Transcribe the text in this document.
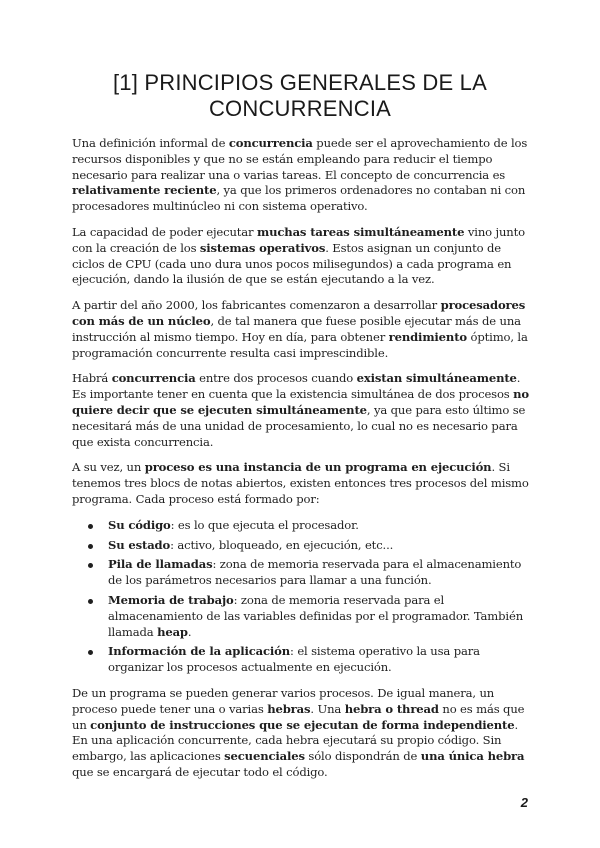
[1] PRINCIPIOS GENERALES DE LA
CONCURRENCIA

Una definición informal de concurrencia puede ser el aprovechamiento de los recursos disponibles y que no se están empleando para reducir el tiempo necesario para realizar una o varias tareas. El concepto de concurrencia es relativamente reciente, ya que los primeros ordenadores no contaban ni con procesadores multinúcleo ni con sistema operativo.

La capacidad de poder ejecutar muchas tareas simultáneamente vino junto con la creación de los sistemas operativos. Estos asignan un conjunto de ciclos de CPU (cada uno dura unos pocos milisegundos) a cada programa en ejecución, dando la ilusión de que se están ejecutando a la vez.

A partir del año 2000, los fabricantes comenzaron a desarrollar procesadores con más de un núcleo, de tal manera que fuese posible ejecutar más de una instrucción al mismo tiempo. Hoy en día, para obtener rendimiento óptimo, la programación concurrente resulta casi imprescindible.

Habrá concurrencia entre dos procesos cuando existan simultáneamente. Es importante tener en cuenta que la existencia simultánea de dos procesos no quiere decir que se ejecuten simultáneamente, ya que para esto último se necesitará más de una unidad de procesamiento, lo cual no es necesario para que exista concurrencia.

A su vez, un proceso es una instancia de un programa en ejecución. Si tenemos tres blocs de notas abiertos, existen entonces tres procesos del mismo programa. Cada proceso está formado por:

Su código: es lo que ejecuta el procesador.
Su estado: activo, bloqueado, en ejecución, etc...
Pila de llamadas: zona de memoria reservada para el almacenamiento de los parámetros necesarios para llamar a una función.
Memoria de trabajo: zona de memoria reservada para el almacenamiento de las variables definidas por el programador. También llamada heap.
Información de la aplicación: el sistema operativo la usa para organizar los procesos actualmente en ejecución.

De un programa se pueden generar varios procesos. De igual manera, un proceso puede tener una o varias hebras. Una hebra o thread no es más que un conjunto de instrucciones que se ejecutan de forma independiente. En una aplicación concurrente, cada hebra ejecutará su propio código. Sin embargo, las aplicaciones secuenciales sólo dispondrán de una única hebra que se encargará de ejecutar todo el código.

2
